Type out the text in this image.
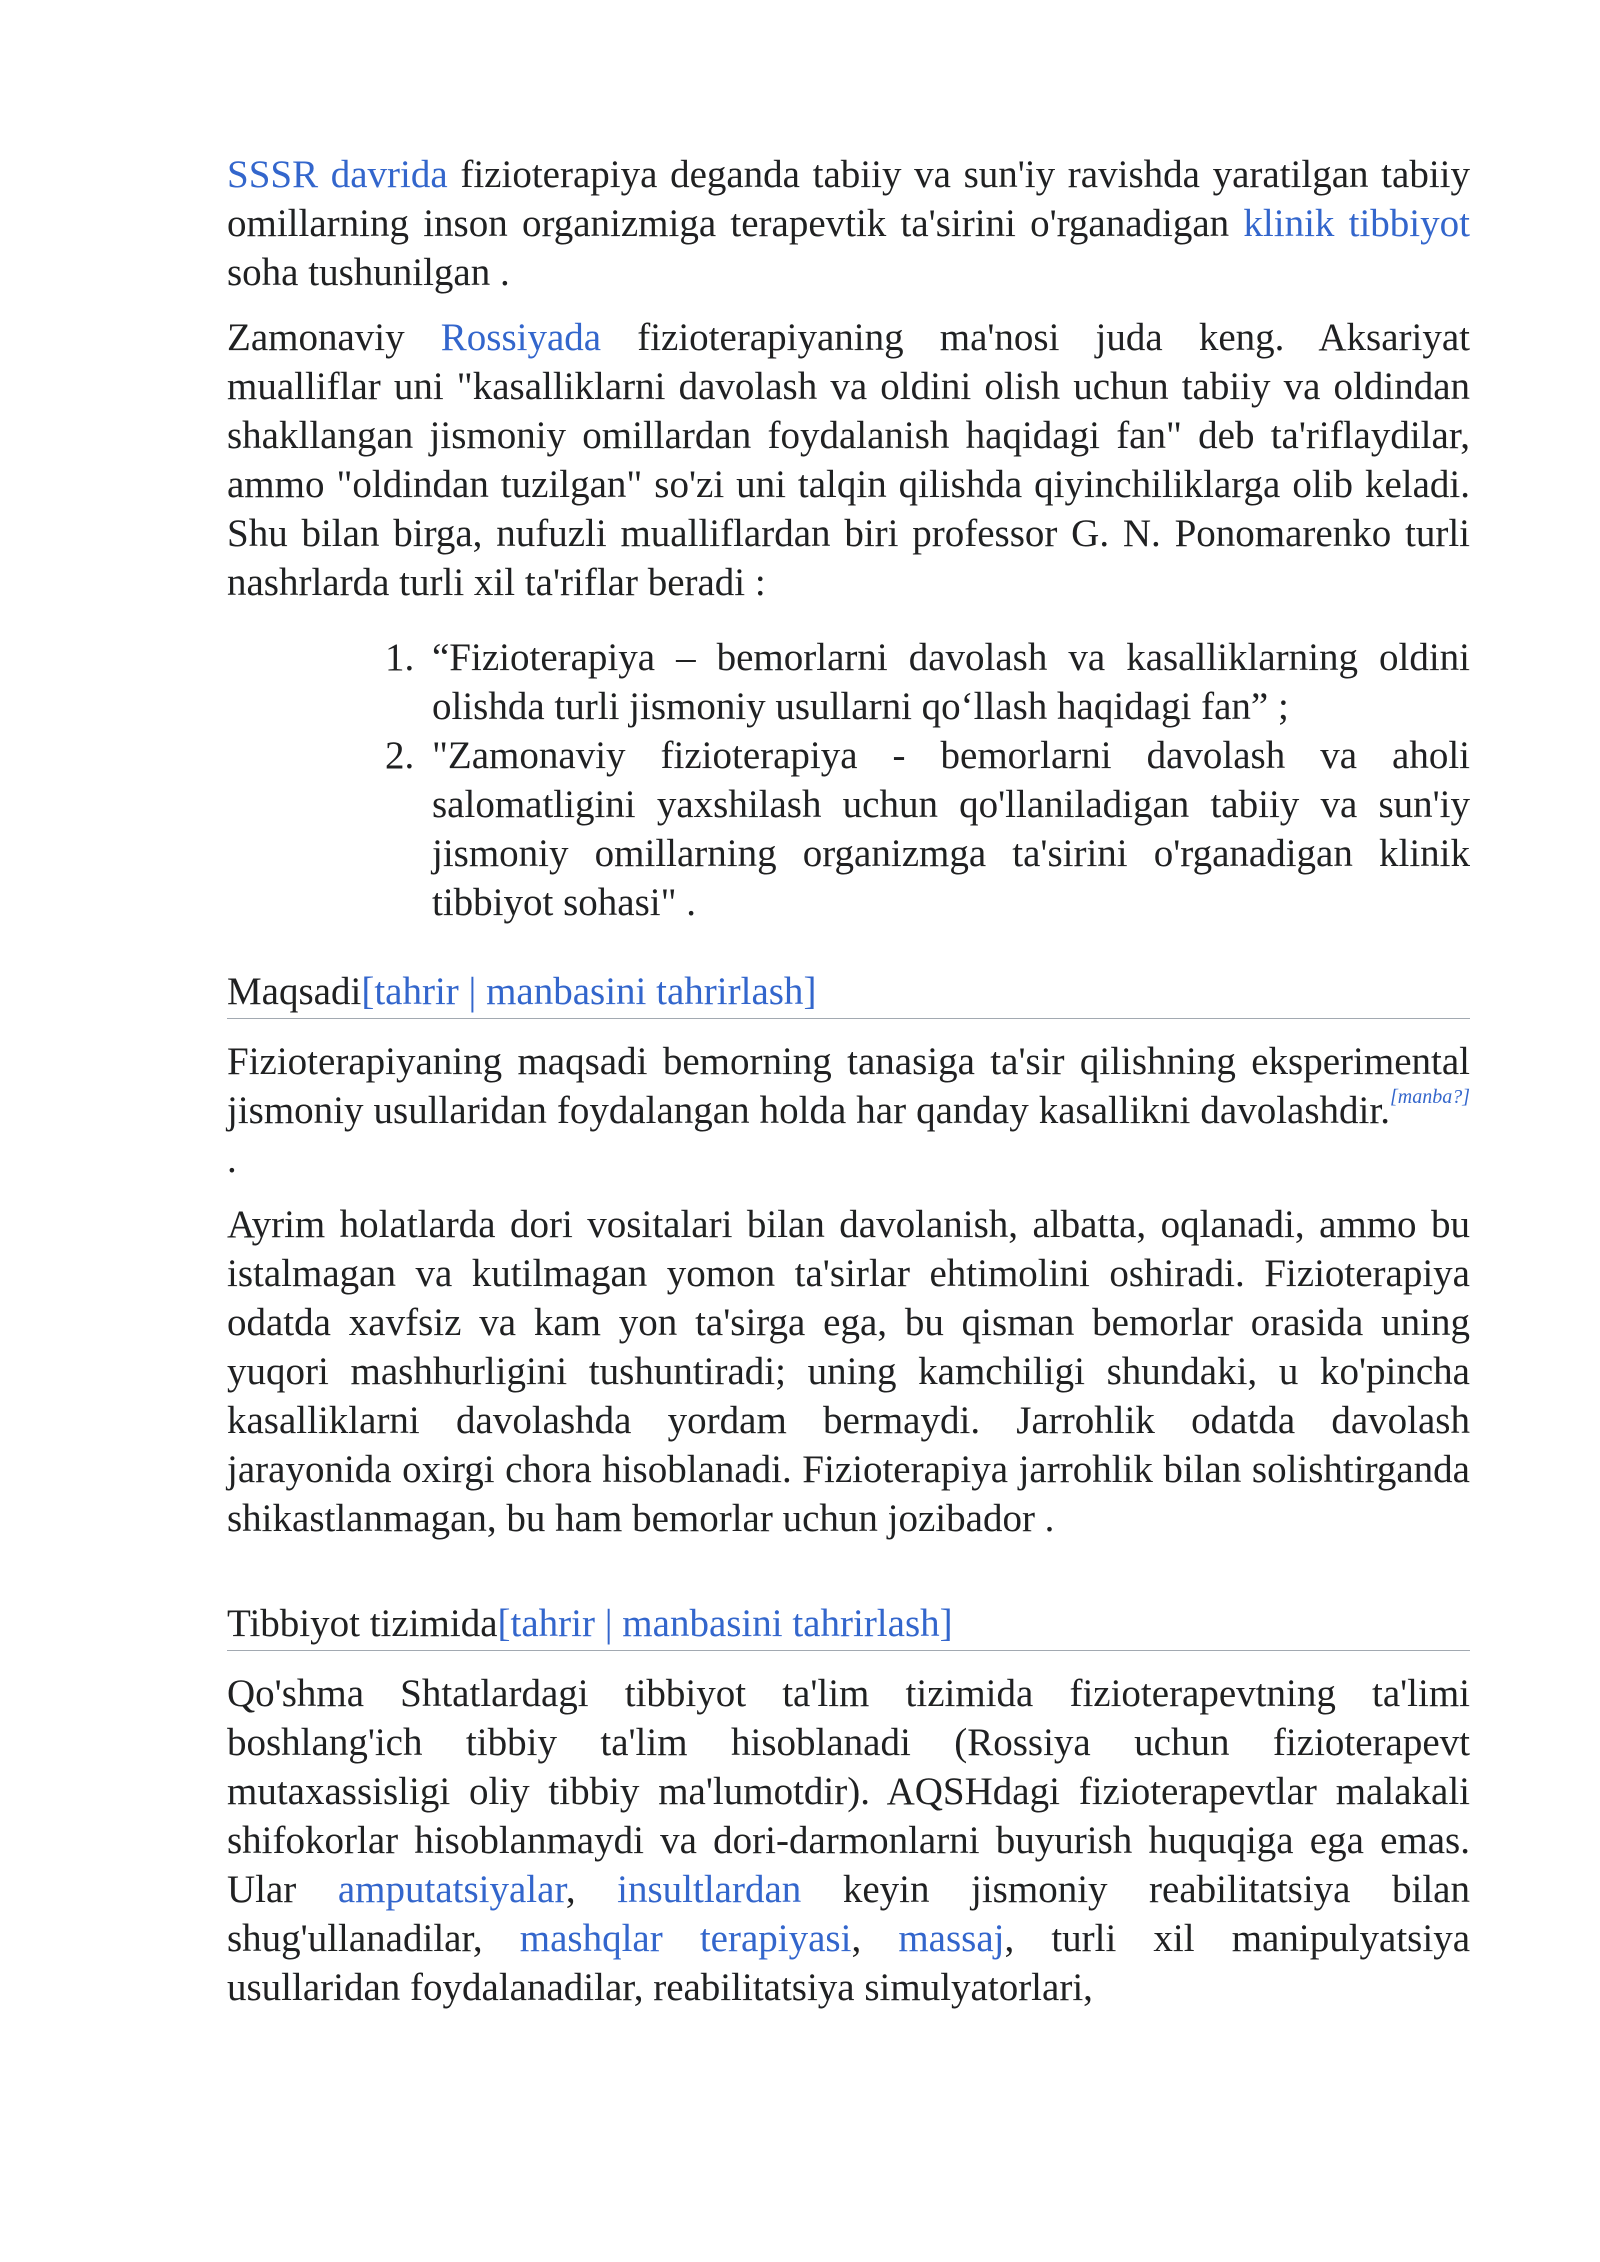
SSSR davrida fizioterapiya deganda tabiiy va sun'iy ravishda yaratilgan tabiiy omillarning inson organizmiga terapevtik ta'sirini o'rganadigan klinik tibbiyot soha tushunilgan .

Zamonaviy Rossiyada fizioterapiyaning ma'nosi juda keng. Aksariyat mualliflar uni "kasalliklarni davolash va oldini olish uchun tabiiy va oldindan shakllangan jismoniy omillardan foydalanish haqidagi fan" deb ta'riflaydilar, ammo "oldindan tuzilgan" so'zi uni talqin qilishda qiyinchiliklarga olib keladi. Shu bilan birga, nufuzli mualliflardan biri professor G. N. Ponomarenko turli nashrlarda turli xil ta'riflar beradi :

1. “Fizioterapiya – bemorlarni davolash va kasalliklarning oldini olishda turli jismoniy usullarni qo‘llash haqidagi fan” ;
2. "Zamonaviy fizioterapiya - bemorlarni davolash va aholi salomatligini yaxshilash uchun qo'llaniladigan tabiiy va sun'iy jismoniy omillarning organizmga ta'sirini o'rganadigan klinik tibbiyot sohasi" .
Maqsadi[tahrir | manbasini tahrirlash]

Fizioterapiyaning maqsadi bemorning tanasiga ta'sir qilishning eksperimental jismoniy usullaridan foydalangan holda har qanday kasallikni davolashdir.[manba?] .

Ayrim holatlarda dori vositalari bilan davolanish, albatta, oqlanadi, ammo bu istalmagan va kutilmagan yomon ta'sirlar ehtimolini oshiradi. Fizioterapiya odatda xavfsiz va kam yon ta'sirga ega, bu qisman bemorlar orasida uning yuqori mashhurligini tushuntiradi; uning kamchiligi shundaki, u ko'pincha kasalliklarni davolashda yordam bermaydi. Jarrohlik odatda davolash jarayonida oxirgi chora hisoblanadi. Fizioterapiya jarrohlik bilan solishtirganda shikastlanmagan, bu ham bemorlar uchun jozibador .

Tibbiyot tizimida[tahrir | manbasini tahrirlash]

Qo'shma Shtatlardagi tibbiyot ta'lim tizimida fizioterapevtning ta'limi boshlang'ich tibbiy ta'lim hisoblanadi (Rossiya uchun fizioterapevt mutaxassisligi oliy tibbiy ma'lumotdir). AQSHdagi fizioterapevtlar malakali shifokorlar hisoblanmaydi va dori-darmonlarni buyurish huquqiga ega emas. Ular amputatsiyalar, insultlardan keyin jismoniy reabilitatsiya bilan shug'ullanadilar, mashqlar terapiyasi, massaj, turli xil manipulyatsiya usullaridan foydalanadilar, reabilitatsiya simulyatorlari,
